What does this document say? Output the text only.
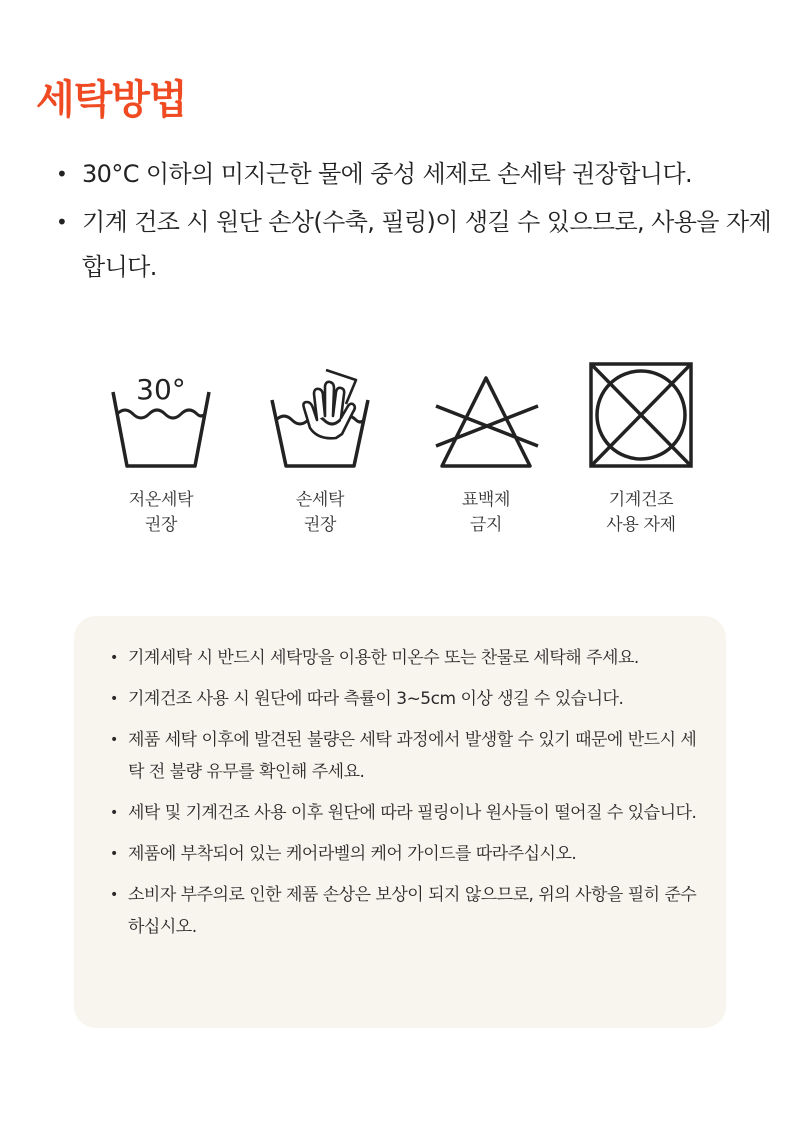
세탁방법
• 30°C 이하의 미지근한 물에 중성 세제로 손세탁 권장합니다.
• 기계 건조 시 원단 손상(수축, 필링)이 생길 수 있으므로, 사용을 자제 합니다.
30°
저온세탁
권장
손세탁
권장
표백제
금지
기계건조
사용 자제
• 기계세탁 시 반드시 세탁망을 이용한 미온수 또는 찬물로 세탁해 주세요.
• 기계건조 사용 시 원단에 따라 측률이 3~5cm 이상 생길 수 있습니다.
• 제품 세탁 이후에 발견된 불량은 세탁 과정에서 발생할 수 있기 때문에 반드시 세탁 전 불량 유무를 확인해 주세요.
• 세탁 및 기계건조 사용 이후 원단에 따라 필링이나 원사들이 떨어질 수 있습니다.
• 제품에 부착되어 있는 케어라벨의 케어 가이드를 따라주십시오.
• 소비자 부주의로 인한 제품 손상은 보상이 되지 않으므로, 위의 사항을 필히 준수하십시오.
